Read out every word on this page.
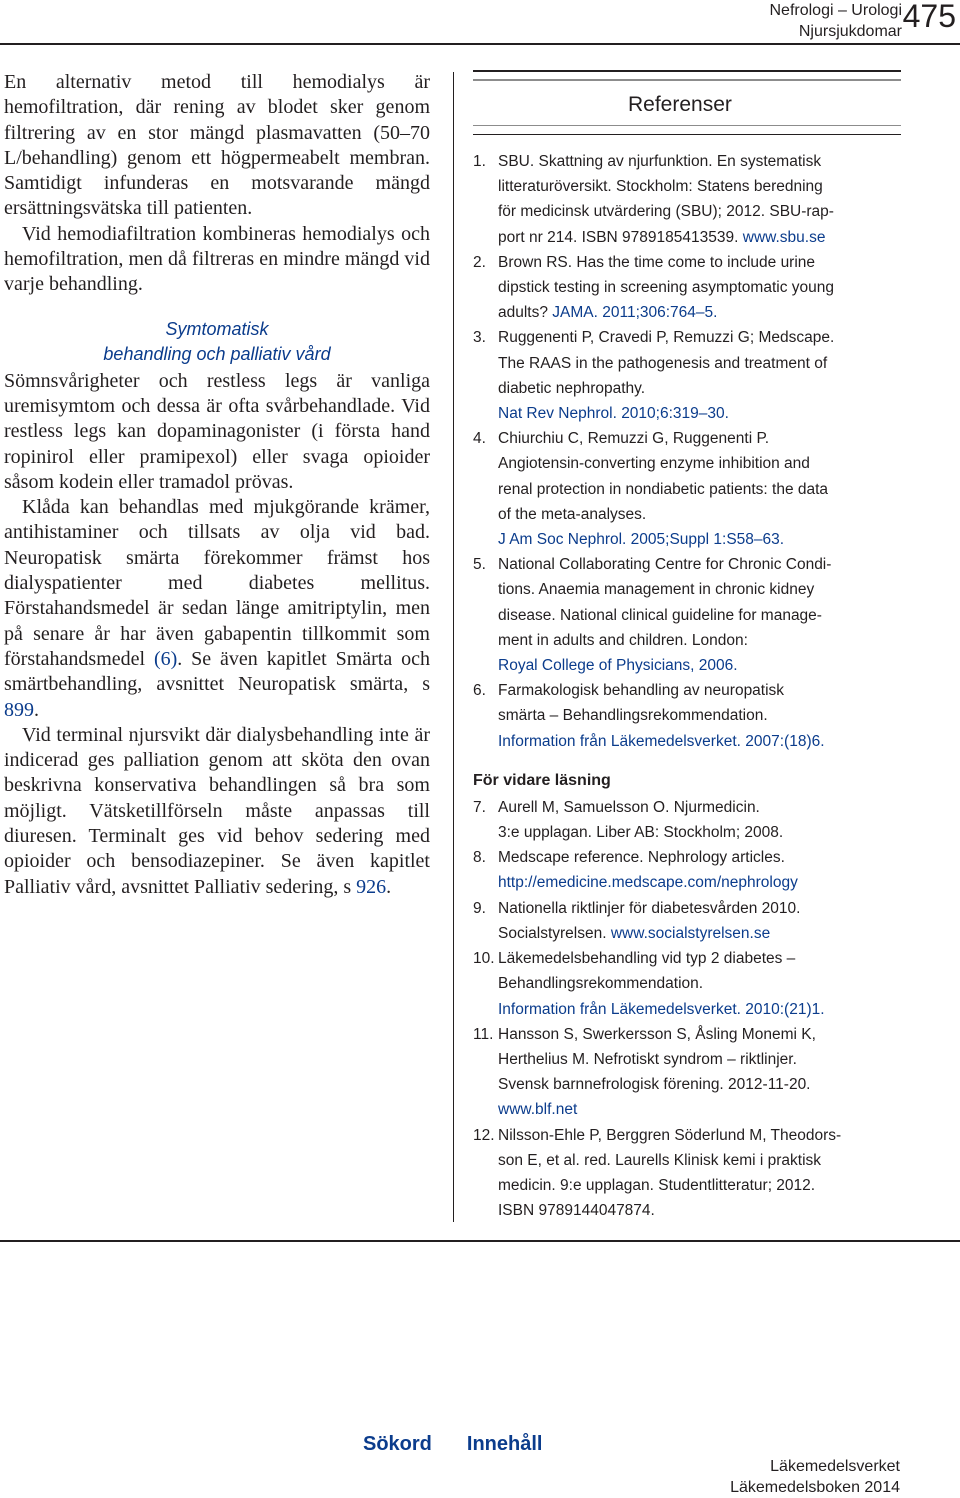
Nefrologi – Urologi
Njursjukdomar 475

En alternativ metod till hemodialys är hemofiltration, där rening av blodet sker genom filtrering av en stor mängd plasmavatten (50–70 L/behandling) genom ett högpermeabelt membran. Samtidigt infunderas en motsvarande mängd ersättningsvätska till patienten.

Vid hemodiafiltration kombineras hemodialys och hemofiltration, men då filtreras en mindre mängd vid varje behandling.

Symtomatisk
behandling och palliativ vård

Sömnsvårigheter och restless legs är vanliga uremisymtom och dessa är ofta svårbehandlade. Vid restless legs kan dopaminagonister (i första hand ropinirol eller pramipexol) eller svaga opioider såsom kodein eller tramadol prövas.

Klåda kan behandlas med mjukgörande krämer, antihistaminer och tillsats av olja vid bad. Neuropatisk smärta förekommer främst hos dialyspatienter med diabetes mellitus. Förstahandsmedel är sedan länge amitriptylin, men på senare år har även gabapentin tillkommit som förstahandsmedel (6). Se även kapitlet Smärta och smärtbehandling, avsnittet Neuropatisk smärta, s 899.

Vid terminal njursvikt där dialysbehandling inte är indicerad ges palliation genom att sköta den ovan beskrivna konservativa behandlingen så bra som möjligt. Vätsketillförseln måste anpassas till diuresen. Terminalt ges vid behov sedering med opioider och bensodiazepiner. Se även kapitlet Palliativ vård, avsnittet Palliativ sedering, s 926.

Referenser
1. SBU. Skattning av njurfunktion. En systematisk
litteraturöversikt. Stockholm: Statens beredning
för medicinsk utvärdering (SBU); 2012. SBU-rap-
port nr 214. ISBN 9789185413539. www.sbu.se
2. Brown RS. Has the time come to include urine
dipstick testing in screening asymptomatic young
adults? JAMA. 2011;306:764–5.
3. Ruggenenti P, Cravedi P, Remuzzi G; Medscape.
The RAAS in the pathogenesis and treatment of
diabetic nephropathy.
Nat Rev Nephrol. 2010;6:319–30.
4. Chiurchiu C, Remuzzi G, Ruggenenti P.
Angiotensin-converting enzyme inhibition and
renal protection in nondiabetic patients: the data
of the meta-analyses.
J Am Soc Nephrol. 2005;Suppl 1:S58–63.
5. National Collaborating Centre for Chronic Condi-
tions. Anaemia management in chronic kidney
disease. National clinical guideline for manage-
ment in adults and children. London:
Royal College of Physicians, 2006.
6. Farmakologisk behandling av neuropatisk
smärta – Behandlingsrekommendation.
Information från Läkemedelsverket. 2007:(18)6.
För vidare läsning
7. Aurell M, Samuelsson O. Njurmedicin.
3:e upplagan. Liber AB: Stockholm; 2008.
8. Medscape reference. Nephrology articles.
http://emedicine.medscape.com/nephrology
9. Nationella riktlinjer för diabetesvården 2010.
Socialstyrelsen. www.socialstyrelsen.se
10. Läkemedelsbehandling vid typ 2 diabetes –
Behandlingsrekommendation.
Information från Läkemedelsverket. 2010:(21)1.
11. Hansson S, Swerkersson S, Åsling Monemi K,
Herthelius M. Nefrotiskt syndrom – riktlinjer.
Svensk barnnefrologisk förening. 2012-11-20.
www.blf.net
12. Nilsson-Ehle P, Berggren Söderlund M, Theodors-
son E, et al. red. Laurells Klinisk kemi i praktisk
medicin. 9:e upplagan. Studentlitteratur; 2012.
ISBN 9789144047874.
Sökord Innehåll
Läkemedelsverket
Läkemedelsboken 2014
